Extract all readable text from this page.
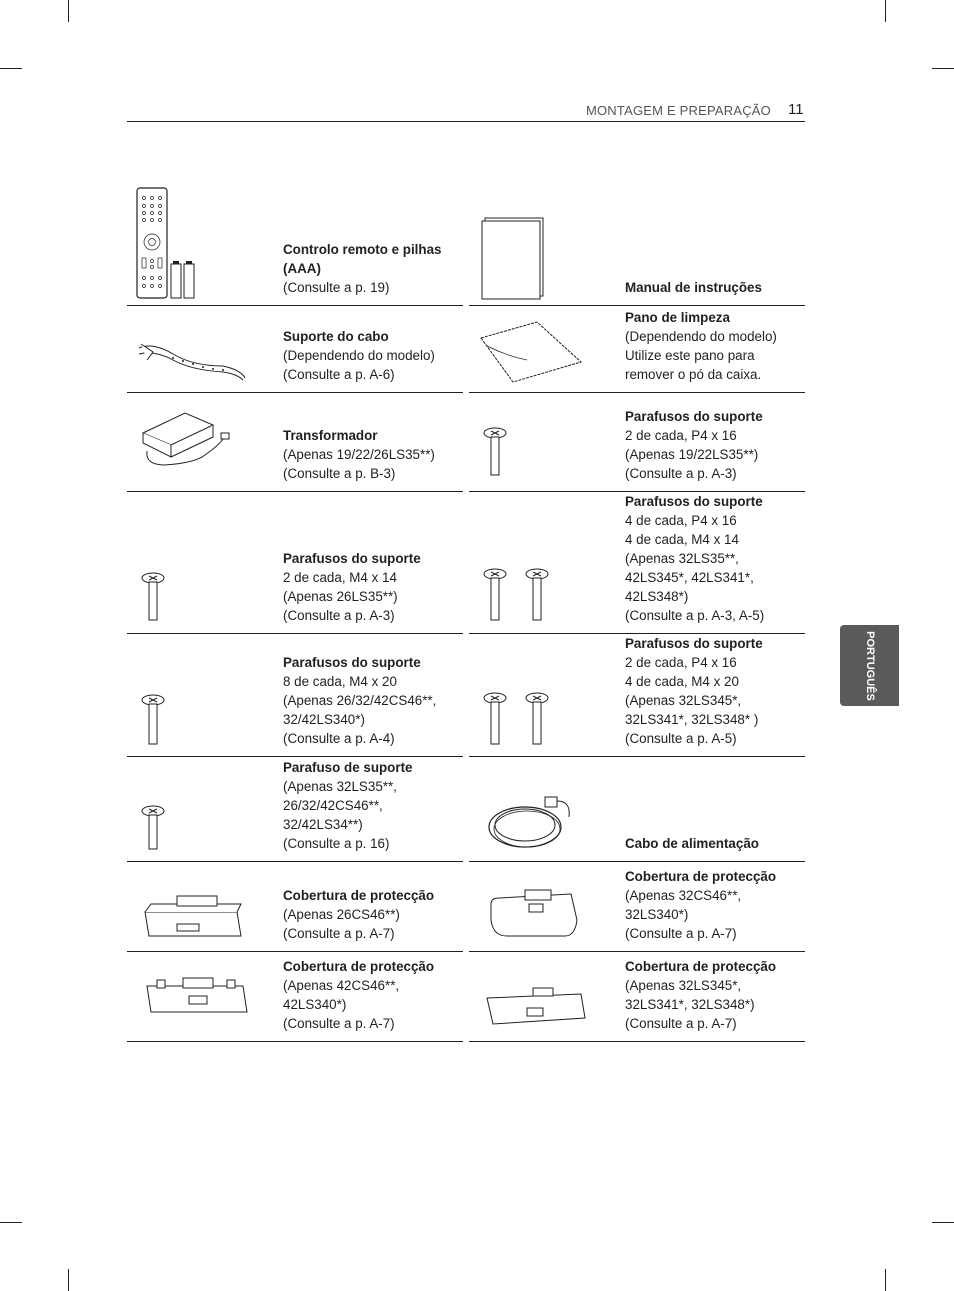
MONTAGEM E PREPARAÇÃO 11
PORTUGUÊS
Controlo remoto e pilhas (AAA)
(Consulte a p. 19)	Manual de instruções
Suporte do cabo
(Dependendo do modelo)
(Consulte a p. A-6)
Pano de limpeza
(Dependendo do modelo)
Utilize este pano para
remover o pó da caixa.
Transformador
(Apenas 19/22/26LS35**)
(Consulte a p. B-3)
Parafusos do suporte
2 de cada, P4 x 16
(Apenas 19/22LS35**)
(Consulte a p. A-3)
Parafusos do suporte
2 de cada, M4 x 14
(Apenas 26LS35**)
(Consulte a p. A-3)
Parafusos do suporte
4 de cada, P4 x 16
4 de cada, M4 x 14
(Apenas 32LS35**,
42LS345*, 42LS341*,
42LS348*)
(Consulte a p. A-3, A-5)
Parafusos do suporte
8 de cada, M4 x 20
(Apenas 26/32/42CS46**,
32/42LS340*)
(Consulte a p. A-4)
Parafusos do suporte
2 de cada, P4 x 16
4 de cada, M4 x 20
(Apenas 32LS345*,
32LS341*, 32LS348* )
(Consulte a p. A-5)
Parafuso de suporte
(Apenas 32LS35**,
26/32/42CS46**,
32/42LS34**)
(Consulte a p. 16)	Cabo de alimentação
Cobertura de protecção
(Apenas 26CS46**)
(Consulte a p. A-7)
Cobertura de protecção
(Apenas 32CS46**,
32LS340*)
(Consulte a p. A-7)
Cobertura de protecção
(Apenas 42CS46**,
42LS340*)
(Consulte a p. A-7)
Cobertura de protecção
(Apenas 32LS345*,
32LS341*, 32LS348*)
(Consulte a p. A-7)
